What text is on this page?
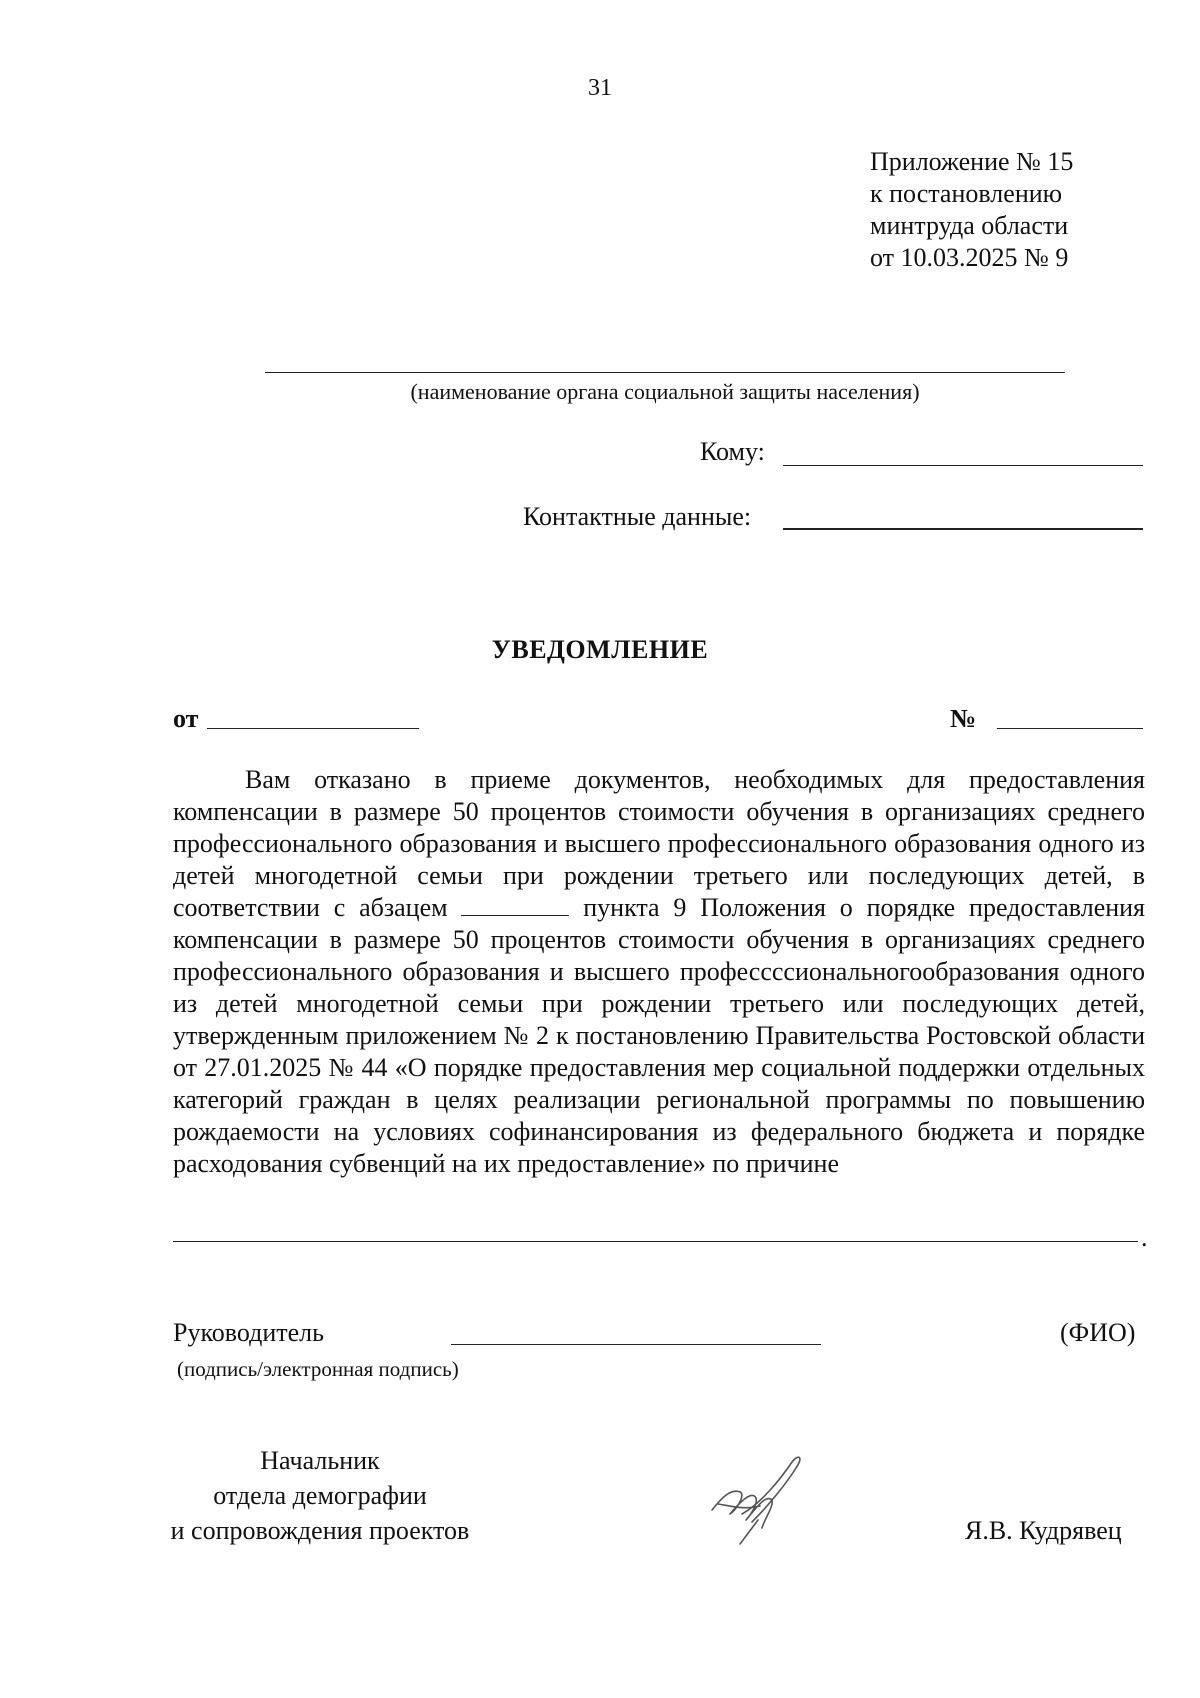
31
Приложение № 15
к постановлению
минтруда области
от 10.03.2025 № 9
(наименование органа социальной защиты населения)
Кому:
Контактные данные:
УВЕДОМЛЕНИЕ
от	№

Вам отказано в приеме документов, необходимых для предоставления компенсации в размере 50 процентов стоимости обучения в организациях среднего профессионального образования и высшего профессионального образования одного из детей многодетной семьи при рождении третьего или последующих детей, в соответствии с абзацем	пункта 9 Положения о порядке предоставления компенсации в размере 50 процентов стоимости обучения в организациях среднего профессионального образования и высшего профессссиональногообразования одного из детей многодетной семьи при рождении третьего или последующих детей, утвержденным приложением № 2 к постановлению Правительства Ростовской области от 27.01.2025 № 44 «О порядке предоставления мер социальной поддержки отдельных категорий граждан в целях реализации региональной программы по повышению рождаемости на условиях софинансирования из федерального бюджета и порядке расходования субвенций на их предоставление» по причине

.
Руководитель
(подпись/электронная подпись)
(ФИО)
Начальник
отдела демографии
и сопровождения проектов	Я.В. Кудрявец
